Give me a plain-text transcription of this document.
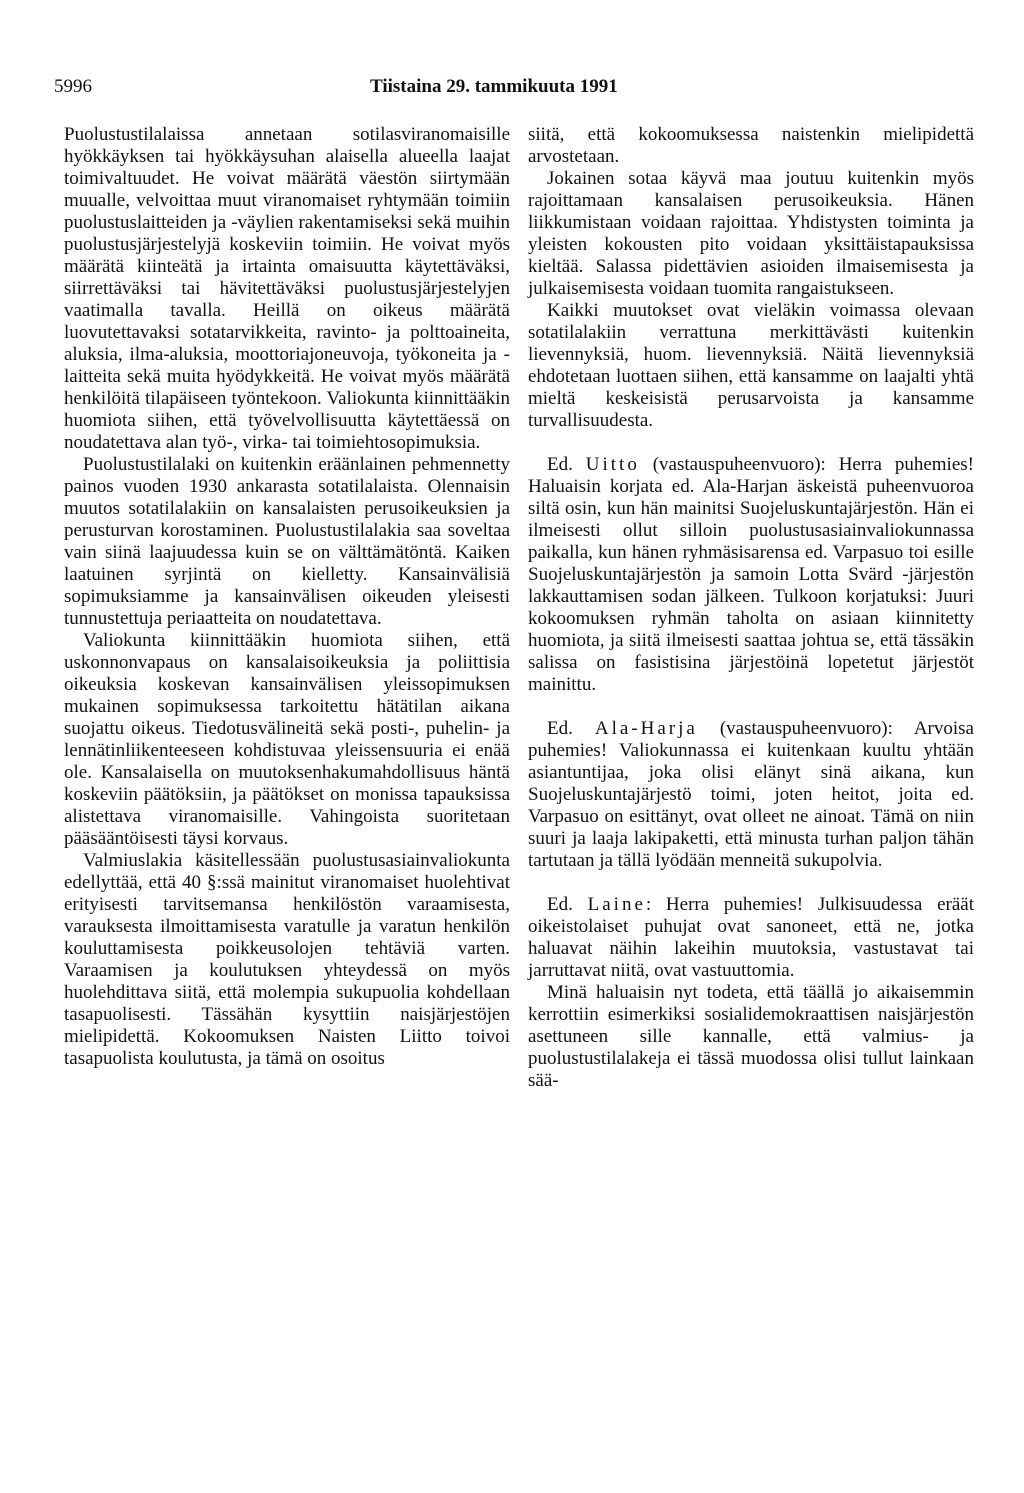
5996	Tiistaina 29. tammikuuta 1991

Puolustustilalaissa annetaan sotilasviranomaisille hyökkäyksen tai hyökkäysuhan alaisella alueella laajat toimivaltuudet. He voivat määrätä väestön siirtymään muualle, velvoittaa muut viranomaiset ryhtymään toimiin puolustuslaitteiden ja -väylien rakentamiseksi sekä muihin puolustusjärjestelyjä koskeviin toimiin. He voivat myös määrätä kiinteätä ja irtainta omaisuutta käytettäväksi, siirrettäväksi tai hävitettäväksi puolustusjärjestelyjen vaatimalla tavalla. Heillä on oikeus määrätä luovutettavaksi sotatarvikkeita, ravinto- ja polttoaineita, aluksia, ilma-aluksia, moottoriajoneuvoja, työkoneita ja -laitteita sekä muita hyödykkeitä. He voivat myös määrätä henkilöitä tilapäiseen työntekoon. Valiokunta kiinnittääkin huomiota siihen, että työvelvollisuutta käytettäessä on noudatettava alan työ-, virka- tai toimiehtosopimuksia.

Puolustustilalaki on kuitenkin eräänlainen pehmennetty painos vuoden 1930 ankarasta sotatilalaista. Olennaisin muutos sotatilalakiin on kansalaisten perusoikeuksien ja perusturvan korostaminen. Puolustustilalakia saa soveltaa vain siinä laajuudessa kuin se on välttämätöntä. Kaiken laatuinen syrjintä on kielletty. Kansainvälisiä sopimuksiamme ja kansainvälisen oikeuden yleisesti tunnustettuja periaatteita on noudatettava.

Valiokunta kiinnittääkin huomiota siihen, että uskonnonvapaus on kansalaisoikeuksia ja poliittisia oikeuksia koskevan kansainvälisen yleissopimuksen mukainen sopimuksessa tarkoitettu hätätilan aikana suojattu oikeus. Tiedotusvälineitä sekä posti-, puhelin- ja lennätinliikenteeseen kohdistuvaa yleissensuuria ei enää ole. Kansalaisella on muutoksenhakumahdollisuus häntä koskeviin päätöksiin, ja päätökset on monissa tapauksissa alistettava viranomaisille. Vahingoista suoritetaan pääsääntöisesti täysi korvaus.

Valmiuslakia käsitellessään puolustusasiainvaliokunta edellyttää, että 40 §:ssä mainitut viranomaiset huolehtivat erityisesti tarvitsemansa henkilöstön varaamisesta, varauksesta ilmoittamisesta varatulle ja varatun henkilön kouluttamisesta poikkeusolojen tehtäviä varten. Varaamisen ja koulutuksen yhteydessä on myös huolehdittava siitä, että molempia sukupuolia kohdellaan tasapuolisesti. Tässähän kysyttiin naisjärjestöjen mielipidettä. Kokoomuksen Naisten Liitto toivoi tasapuolista koulutusta, ja tämä on osoitus

siitä, että kokoomuksessa naistenkin mielipidettä arvostetaan.

Jokainen sotaa käyvä maa joutuu kuitenkin myös rajoittamaan kansalaisen perusoikeuksia. Hänen liikkumistaan voidaan rajoittaa. Yhdistysten toiminta ja yleisten kokousten pito voidaan yksittäistapauksissa kieltää. Salassa pidettävien asioiden ilmaisemisesta ja julkaisemisesta voidaan tuomita rangaistukseen.

Kaikki muutokset ovat vieläkin voimassa olevaan sotatilalakiin verrattuna merkittävästi kuitenkin lievennyksiä, huom. lievennyksiä. Näitä lievennyksiä ehdotetaan luottaen siihen, että kansamme on laajalti yhtä mieltä keskeisistä perusarvoista ja kansamme turvallisuudesta.

Ed. Uitto (vastauspuheenvuoro): Herra puhemies! Haluaisin korjata ed. Ala-Harjan äskeistä puheenvuoroa siltä osin, kun hän mainitsi Suojeluskuntajärjestön. Hän ei ilmeisesti ollut silloin puolustusasiainvaliokunnassa paikalla, kun hänen ryhmäsisarensa ed. Varpasuo toi esille Suojeluskuntajärjestön ja samoin Lotta Svärd -järjestön lakkauttamisen sodan jälkeen. Tulkoon korjatuksi: Juuri kokoomuksen ryhmän taholta on asiaan kiinnitetty huomiota, ja siitä ilmeisesti saattaa johtua se, että tässäkin salissa on fasistisina järjestöinä lopetetut järjestöt mainittu.

Ed. Ala-Harja (vastauspuheenvuoro): Arvoisa puhemies! Valiokunnassa ei kuitenkaan kuultu yhtään asiantuntijaa, joka olisi elänyt sinä aikana, kun Suojeluskuntajärjestö toimi, joten heitot, joita ed. Varpasuo on esittänyt, ovat olleet ne ainoat. Tämä on niin suuri ja laaja lakipaketti, että minusta turhan paljon tähän tartutaan ja tällä lyödään menneitä sukupolvia.

Ed. Laine: Herra puhemies! Julkisuudessa eräät oikeistolaiset puhujat ovat sanoneet, että ne, jotka haluavat näihin lakeihin muutoksia, vastustavat tai jarruttavat niitä, ovat vastuuttomia.

Minä haluaisin nyt todeta, että täällä jo aikaisemmin kerrottiin esimerkiksi sosialidemokraattisen naisjärjestön asettuneen sille kannalle, että valmius- ja puolustustilalakeja ei tässä muodossa olisi tullut lainkaan sää-
